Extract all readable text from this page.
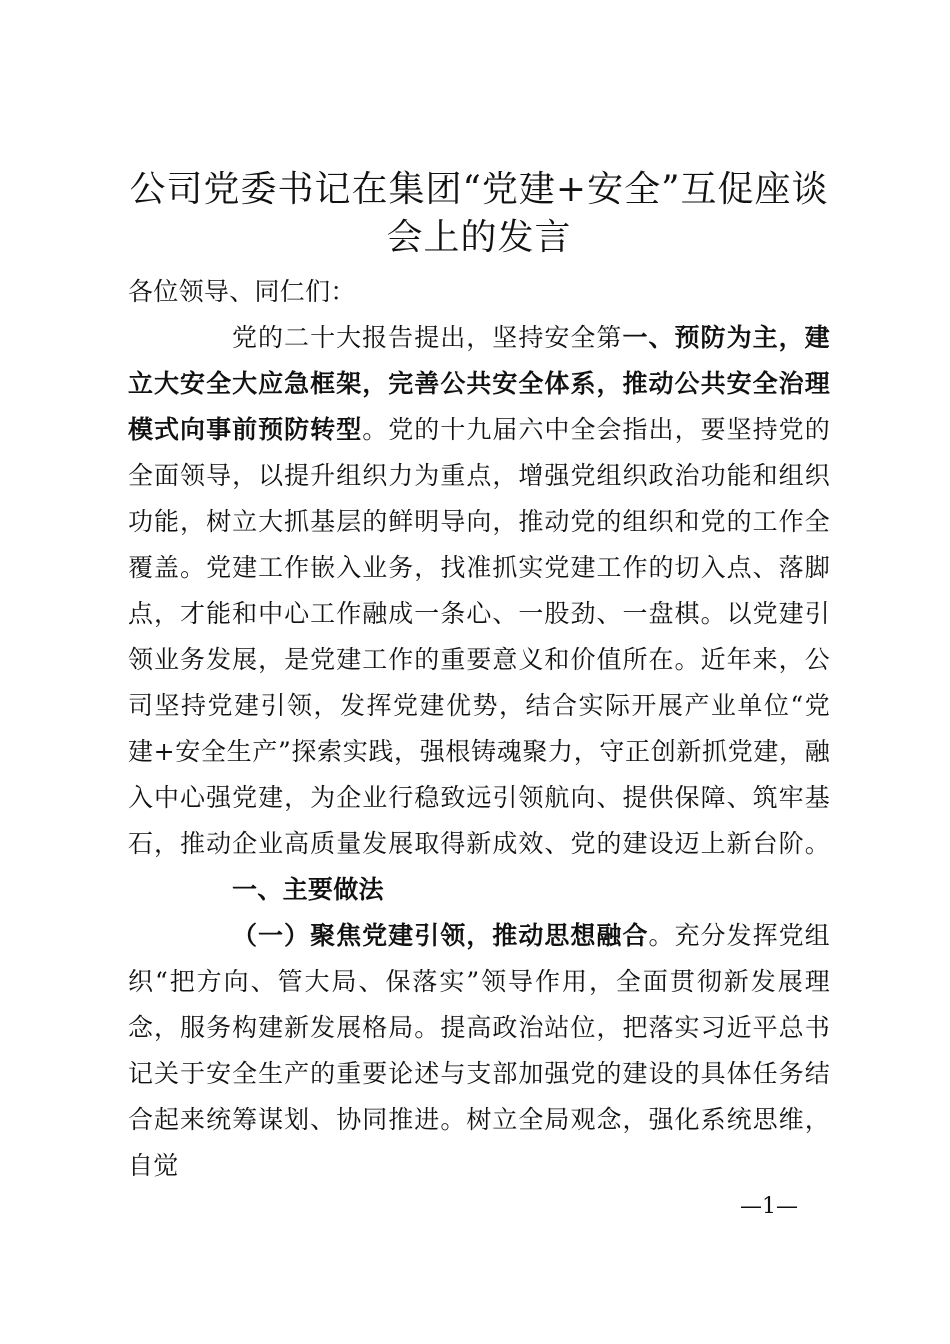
公司党委书记在集团“党建+安全”互促座谈
会上的发言
各位领导、同仁们：
党的二十大报告提出，坚持安全第一、预防为主，建
立大安全大应急框架，完善公共安全体系，推动公共安全治理
模式向事前预防转型。党的十九届六中全会指出，要坚持党的
全面领导，以提升组织力为重点，增强党组织政治功能和组织
功能，树立大抓基层的鲜明导向，推动党的组织和党的工作全
覆盖。党建工作嵌入业务，找准抓实党建工作的切入点、落脚
点，才能和中心工作融成一条心、一股劲、一盘棋。以党建引
领业务发展，是党建工作的重要意义和价值所在。近年来，公
司坚持党建引领，发挥党建优势，结合实际开展产业单位“党
建+安全生产”探索实践，强根铸魂聚力，守正创新抓党建，融
入中心强党建，为企业行稳致远引领航向、提供保障、筑牢基
石，推动企业高质量发展取得新成效、党的建设迈上新台阶。
一、主要做法
（一）聚焦党建引领，推动思想融合。充分发挥党组
织“把方向、管大局、保落实”领导作用，全面贯彻新发展理
念，服务构建新发展格局。提高政治站位，把落实习近平总书
记关于安全生产的重要论述与支部加强党的建设的具体任务结
合起来统筹谋划、协同推进。树立全局观念，强化系统思维，
自觉
—1—
